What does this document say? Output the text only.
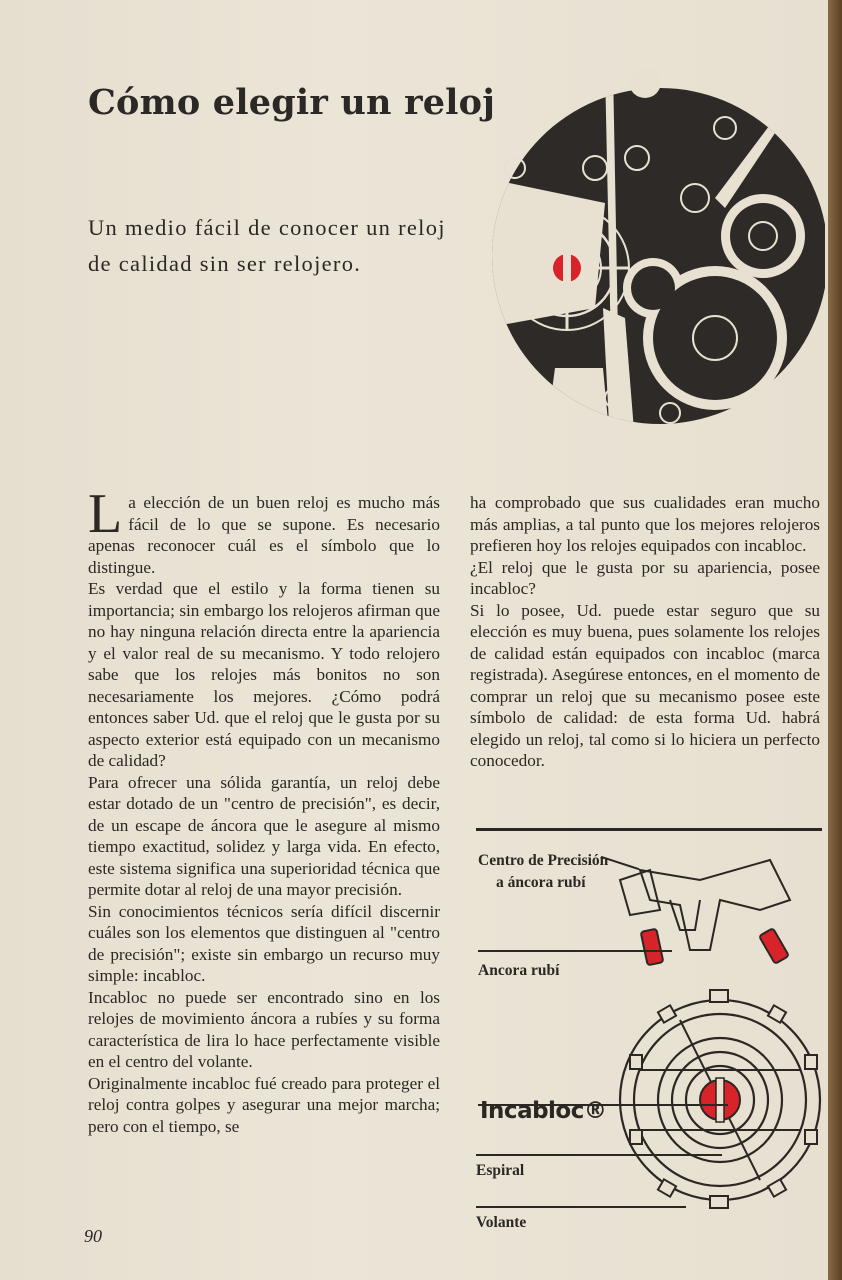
Cómo elegir un reloj

Un medio fácil de conocer un reloj de calidad sin ser relojero.

La elección de un buen reloj es mucho más fácil de lo que se supone. Es necesario apenas reconocer cuál es el símbolo que lo distingue.

Es verdad que el estilo y la forma tienen su importancia; sin embargo los relojeros afirman que no hay ninguna relación directa entre la apariencia y el valor real de su mecanismo. Y todo relojero sabe que los relojes más bonitos no son necesariamente los mejores. ¿Cómo podrá entonces saber Ud. que el reloj que le gusta por su aspecto exterior está equipado con un mecanismo de calidad?

Para ofrecer una sólida garantía, un reloj debe estar dotado de un "centro de precisión", es decir, de un escape de áncora que le asegure al mismo tiempo exactitud, solidez y larga vida. En efecto, este sistema significa una superioridad técnica que permite dotar al reloj de una mayor precisión.

Sin conocimientos técnicos sería difícil discernir cuáles son los elementos que distinguen al "centro de precisión"; existe sin embargo un recurso muy simple: incabloc.

Incabloc no puede ser encontrado sino en los relojes de movimiento áncora a rubíes y su forma característica de lira lo hace perfectamente visible en el centro del volante.

Originalmente incabloc fué creado para proteger el reloj contra golpes y asegurar una mejor marcha; pero con el tiempo, se

ha comprobado que sus cualidades eran mucho más amplias, a tal punto que los mejores relojeros prefieren hoy los relojes equipados con incabloc.

¿El reloj que le gusta por su apariencia, posee incabloc?

Si lo posee, Ud. puede estar seguro que su elección es muy buena, pues solamente los relojes de calidad están equipados con incabloc (marca registrada). Asegúrese entonces, en el momento de comprar un reloj que su mecanismo posee este símbolo de calidad: de esta forma Ud. habrá elegido un reloj, tal como si lo hiciera un perfecto conocedor.

Centro de Precisión
a áncora rubí
Ancora rubí
Incabloc®
Espiral
Volante
90
